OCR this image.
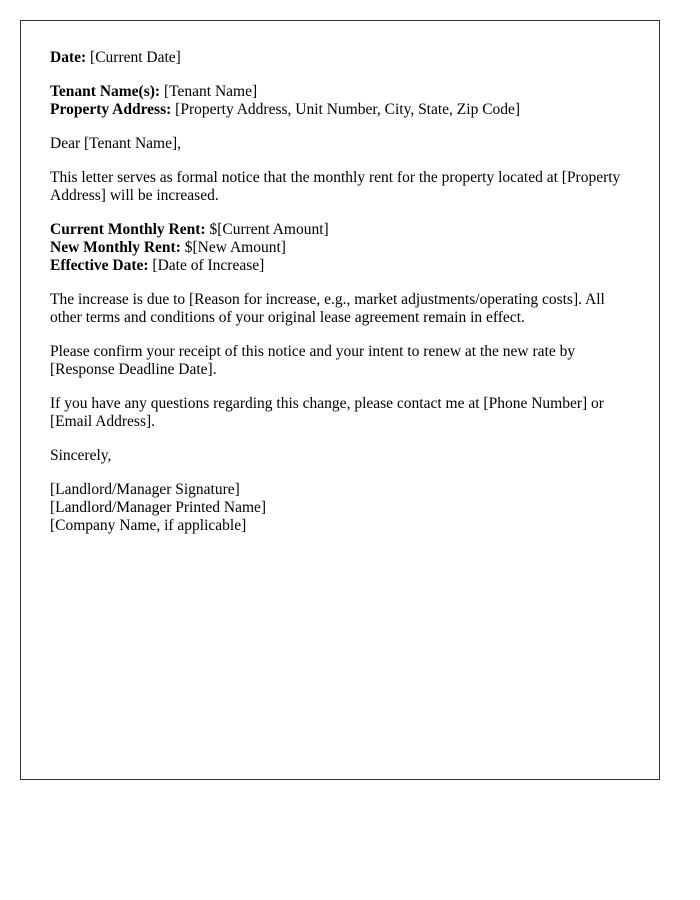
Date: [Current Date]

Tenant Name(s): [Tenant Name]
Property Address: [Property Address, Unit Number, City, State, Zip Code]

Dear [Tenant Name],

This letter serves as formal notice that the monthly rent for the property located at [Property Address] will be increased.

Current Monthly Rent: $[Current Amount]
New Monthly Rent: $[New Amount]
Effective Date: [Date of Increase]

The increase is due to [Reason for increase, e.g., market adjustments/operating costs]. All other terms and conditions of your original lease agreement remain in effect.

Please confirm your receipt of this notice and your intent to renew at the new rate by [Response Deadline Date].

If you have any questions regarding this change, please contact me at [Phone Number] or [Email Address].

Sincerely,

[Landlord/Manager Signature]
[Landlord/Manager Printed Name]
[Company Name, if applicable]
